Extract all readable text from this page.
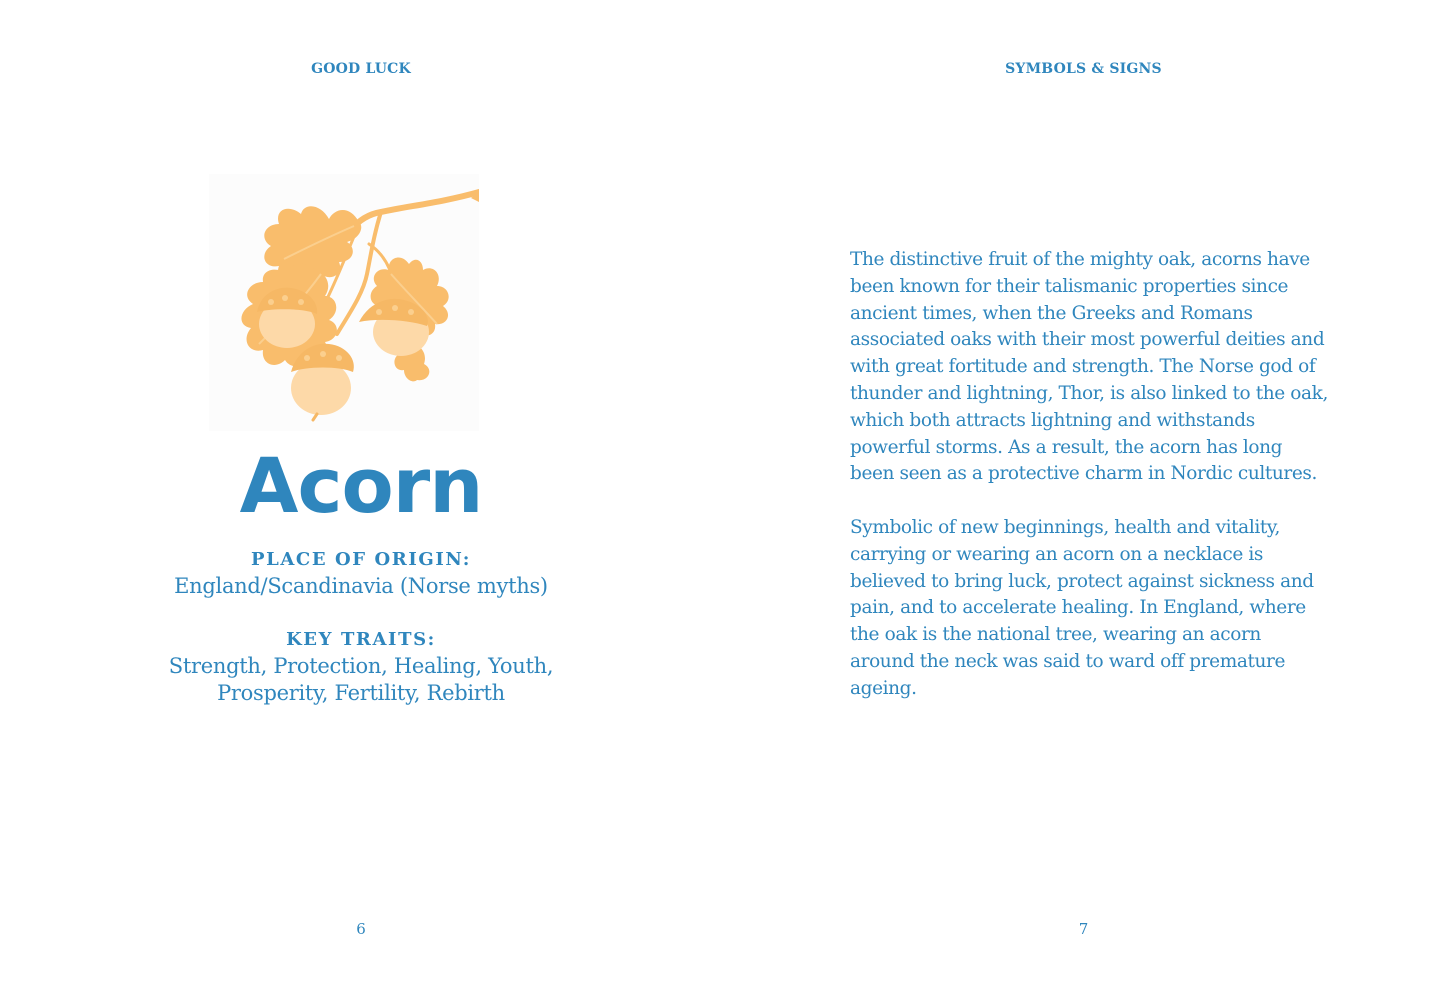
GOOD LUCK
Acorn
PLACE OF ORIGIN:
England/Scandinavia (Norse myths)
KEY TRAITS:
Strength, Protection, Healing, Youth,
Prosperity, Fertility, Rebirth
6
SYMBOLS & SIGNS

The distinctive fruit of the mighty oak, acorns have been known for their talismanic properties since ancient times, when the Greeks and Romans associated oaks with their most powerful deities and with great fortitude and strength. The Norse god of thunder and lightning, Thor, is also linked to the oak, which both attracts lightning and withstands powerful storms. As a result, the acorn has long been seen as a protective charm in Nordic cultures.

Symbolic of new beginnings, health and vitality, carrying or wearing an acorn on a necklace is believed to bring luck, protect against sickness and pain, and to accelerate healing. In England, where the oak is the national tree, wearing an acorn around the neck was said to ward off premature ageing.

7
